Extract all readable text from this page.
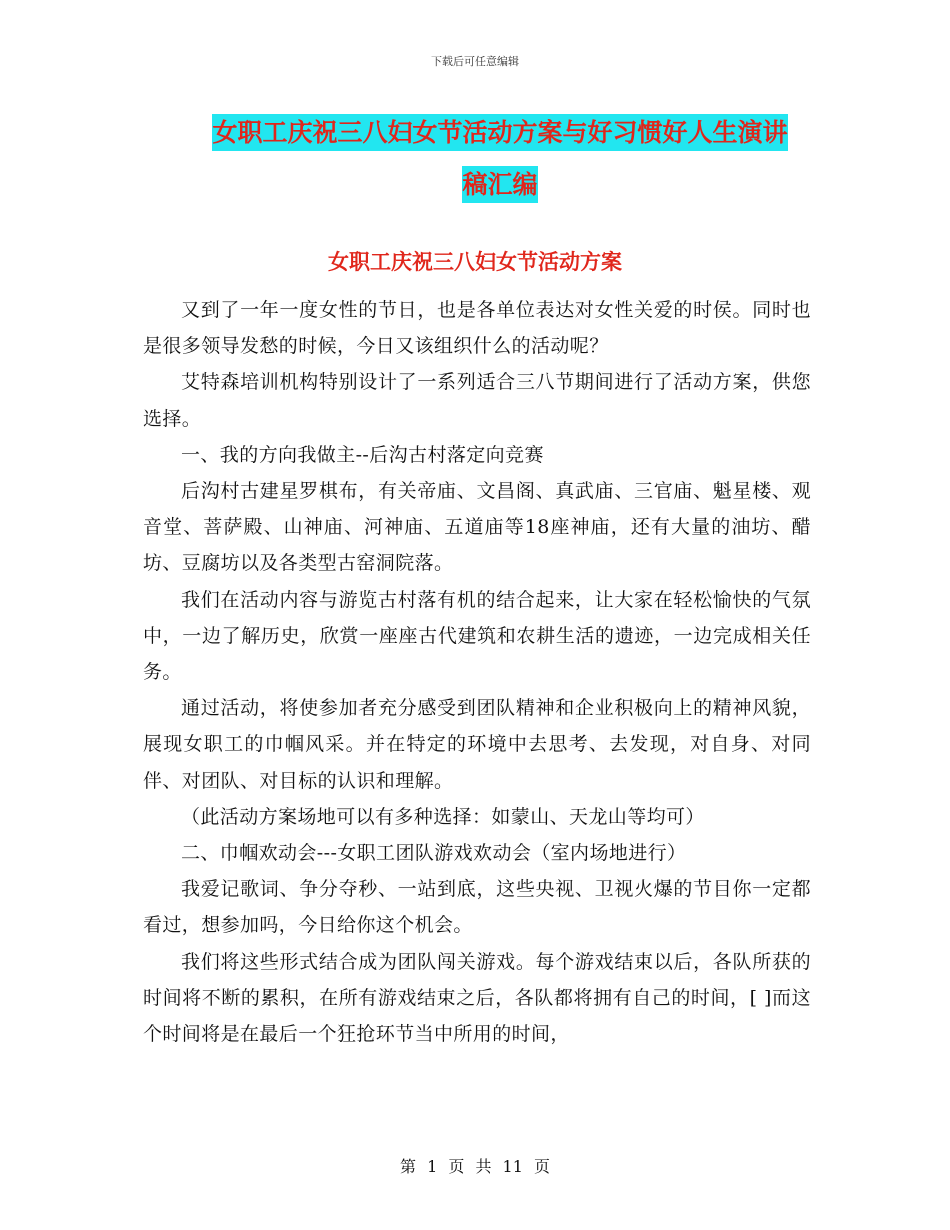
下载后可任意编辑
女职工庆祝三八妇女节活动方案与好习惯好人生演讲
稿汇编
女职工庆祝三八妇女节活动方案

又到了一年一度女性的节日，也是各单位表达对女性关爱的时侯。同时也是很多领导发愁的时候，今日又该组织什么的活动呢？

艾特森培训机构特别设计了一系列适合三八节期间进行了活动方案，供您选择。

一、我的方向我做主--后沟古村落定向竞赛

后沟村古建星罗棋布，有关帝庙、文昌阁、真武庙、三官庙、魁星楼、观音堂、菩萨殿、山神庙、河神庙、五道庙等18座神庙，还有大量的油坊、醋坊、豆腐坊以及各类型古窑洞院落。

我们在活动内容与游览古村落有机的结合起来，让大家在轻松愉快的气氛中，一边了解历史，欣赏一座座古代建筑和农耕生活的遗迹，一边完成相关任务。

通过活动，将使参加者充分感受到团队精神和企业积极向上的精神风貌，展现女职工的巾帼风采。并在特定的环境中去思考、去发现，对自身、对同伴、对团队、对目标的认识和理解。

（此活动方案场地可以有多种选择：如蒙山、天龙山等均可）

二、巾帼欢动会---女职工团队游戏欢动会（室内场地进行）

我爱记歌词、争分夺秒、一站到底，这些央视、卫视火爆的节目你一定都看过，想参加吗，今日给你这个机会。

我们将这些形式结合成为团队闯关游戏。每个游戏结束以后，各队所获的时间将不断的累积，在所有游戏结束之后，各队都将拥有自己的时间，[ ]而这个时间将是在最后一个狂抢环节当中所用的时间，

第 1 页 共 11 页
